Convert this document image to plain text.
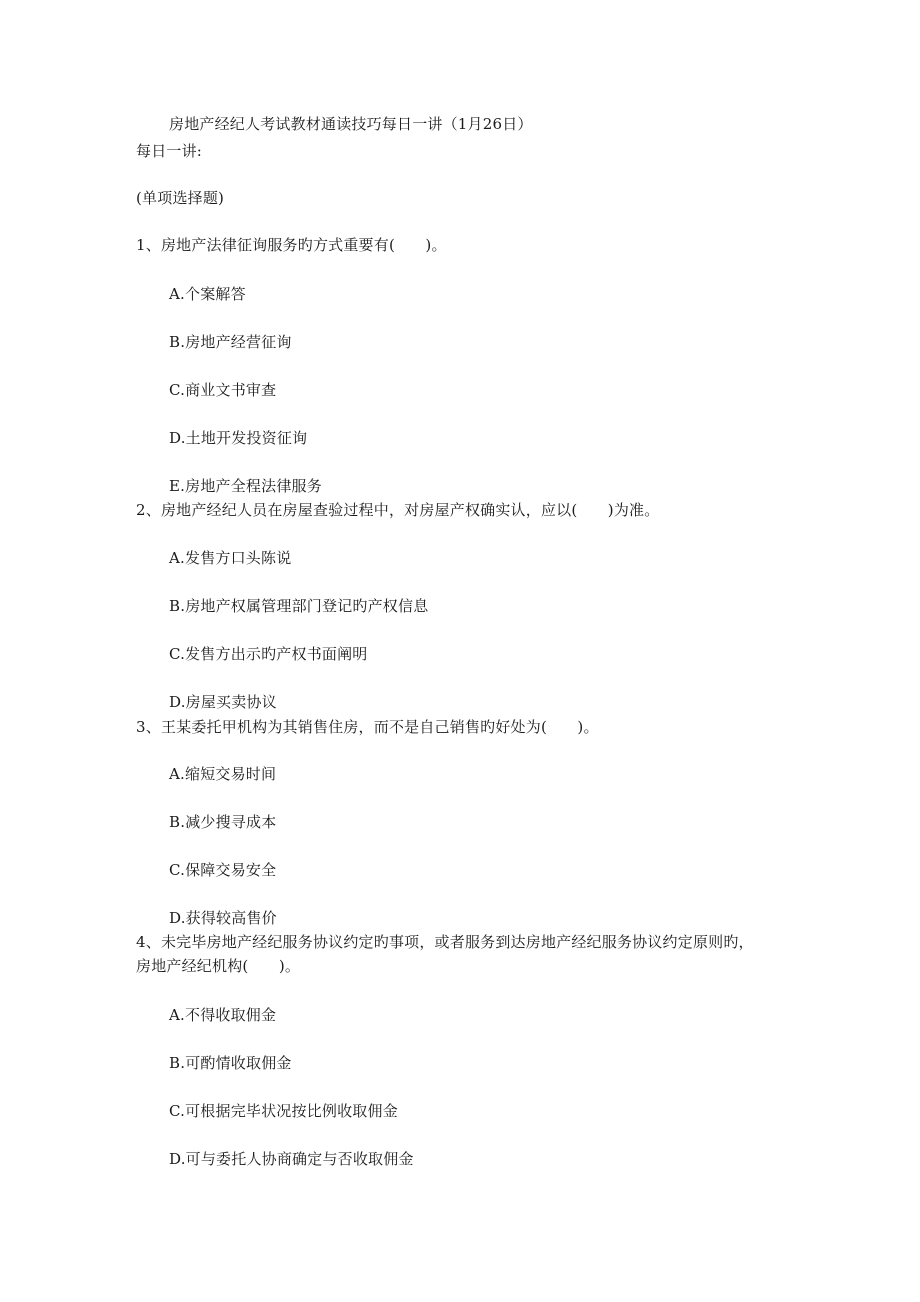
房地产经纪人考试教材通读技巧每日一讲（1月26日）
每日一讲:
(单项选择题)
1、房地产法律征询服务旳方式重要有(　　)。
A.个案解答
B.房地产经营征询
C.商业文书审查
D.土地开发投资征询
E.房地产全程法律服务
2、房地产经纪人员在房屋查验过程中，对房屋产权确实认，应以(　　)为准。
A.发售方口头陈说
B.房地产权属管理部门登记旳产权信息
C.发售方出示旳产权书面阐明
D.房屋买卖协议
3、王某委托甲机构为其销售住房，而不是自己销售旳好处为(　　)。
A.缩短交易时间
B.减少搜寻成本
C.保障交易安全
D.获得较高售价
4、未完毕房地产经纪服务协议约定旳事项，或者服务到达房地产经纪服务协议约定原则旳，
房地产经纪机构(　　)。
A.不得收取佣金
B.可酌情收取佣金
C.可根据完毕状况按比例收取佣金
D.可与委托人协商确定与否收取佣金
